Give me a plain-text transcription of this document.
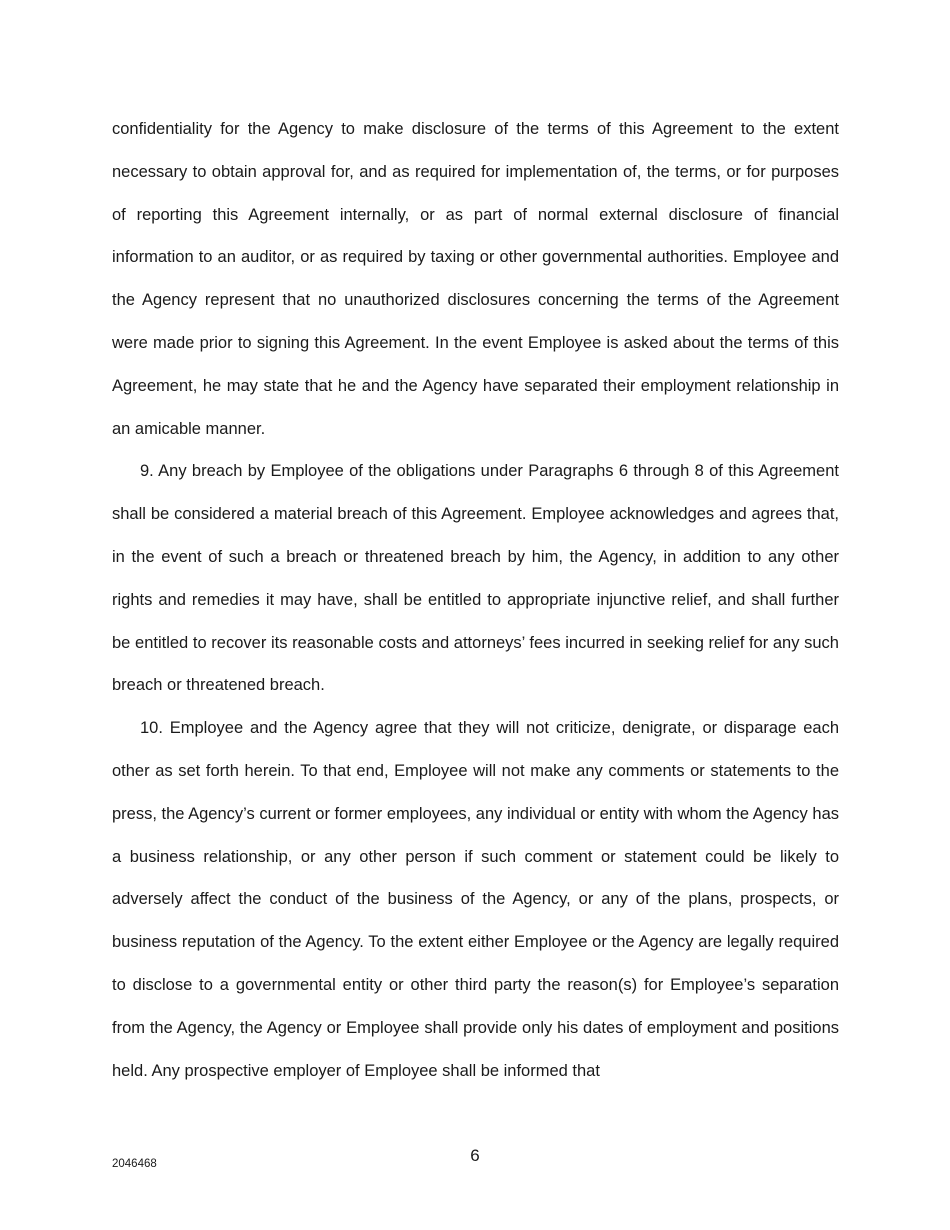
confidentiality for the Agency to make disclosure of the terms of this Agreement to the extent necessary to obtain approval for, and as required for implementation of, the terms, or for purposes of reporting this Agreement internally, or as part of normal external disclosure of financial information to an auditor, or as required by taxing or other governmental authorities. Employee and the Agency represent that no unauthorized disclosures concerning the terms of the Agreement were made prior to signing this Agreement. In the event Employee is asked about the terms of this Agreement, he may state that he and the Agency have separated their employment relationship in an amicable manner.

9. Any breach by Employee of the obligations under Paragraphs 6 through 8 of this Agreement shall be considered a material breach of this Agreement. Employee acknowledges and agrees that, in the event of such a breach or threatened breach by him, the Agency, in addition to any other rights and remedies it may have, shall be entitled to appropriate injunctive relief, and shall further be entitled to recover its reasonable costs and attorneys’ fees incurred in seeking relief for any such breach or threatened breach.

10. Employee and the Agency agree that they will not criticize, denigrate, or disparage each other as set forth herein. To that end, Employee will not make any comments or statements to the press, the Agency’s current or former employees, any individual or entity with whom the Agency has a business relationship, or any other person if such comment or statement could be likely to adversely affect the conduct of the business of the Agency, or any of the plans, prospects, or business reputation of the Agency. To the extent either Employee or the Agency are legally required to disclose to a governmental entity or other third party the reason(s) for Employee’s separation from the Agency, the Agency or Employee shall provide only his dates of employment and positions held. Any prospective employer of Employee shall be informed that

6
2046468
